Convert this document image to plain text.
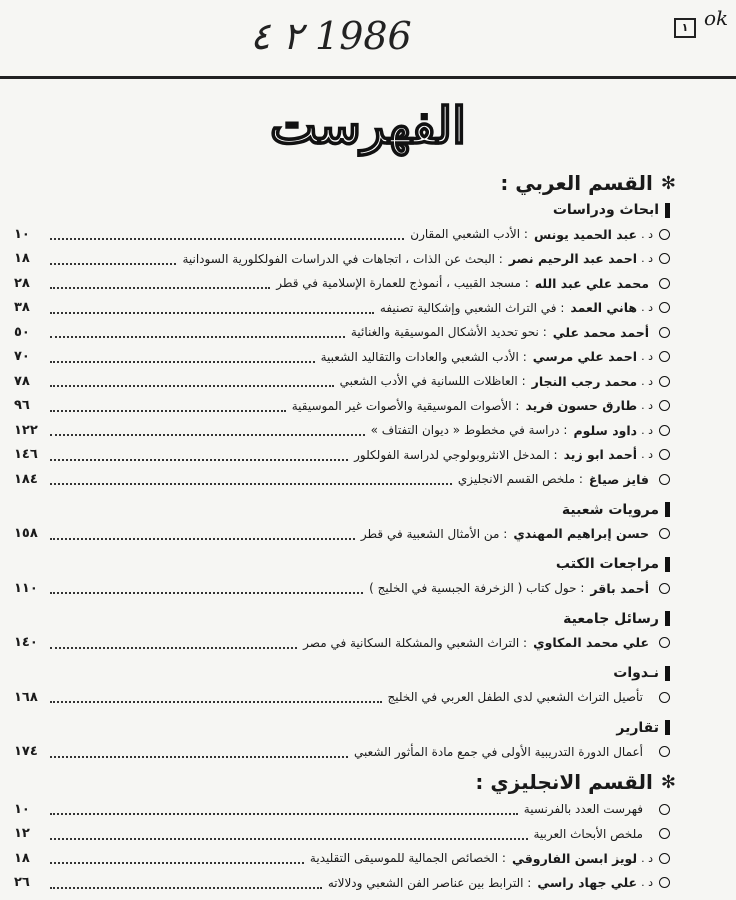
٢ ٤ 1986	١ ok
الفهرست
✻
القسم العربي :
ابحاث ودراسات
د .
عبد الحميد يونس
: الأدب الشعبي المقارن
١٠
د .
احمد عبد الرحيم نصر
: البحث عن الذات ، اتجاهات في الدراسات الفولكلورية السودانية
١٨
محمد علي عبد الله
: مسجد القبيب ، أنموذج للعمارة الإسلامية في قطر
٢٨
د .
هاني العمد
: في التراث الشعبي وإشكالية تصنيفه
٣٨
أحمد محمد علي
: نحو تحديد الأشكال الموسيقية والغنائية
٥٠
د .
احمد علي مرسي
: الأدب الشعبي والعادات والتقاليد الشعبية
٧٠
د .
محمد رجب النجار
: العاظلات اللسانية في الأدب الشعبي
٧٨
د .
طارق حسون فريد
: الأصوات الموسيقية والأصوات غير الموسيقية
٩٦
د .
داود سلوم
: دراسة في مخطوط « ديوان التفتاف »
١٢٢
د .
أحمد ابو زيد
: المدخل الانثروبولوجي لدراسة الفولكلور
١٤٦
فايز صياغ
: ملخص القسم الانجليزي
١٨٤
مرويات شعبية
حسن إبراهيم المهندي
: من الأمثال الشعبية في قطر
١٥٨
مراجعات الكتب
أحمد باقر
: حول كتاب ( الزخرفة الجبسية في الخليج )
١١٠
رسائل جامعية
علي محمد المكاوي
: التراث الشعبي والمشكلة السكانية في مصر
١٤٠
نـدوات
تأصيل التراث الشعبي لدى الطفل العربي في الخليج
١٦٨
تقارير
أعمال الدورة التدريبية الأولى في جمع مادة المأثور الشعبي
١٧٤
✻
القسم الانجليزي :
فهرست العدد بالفرنسية
١٠
ملخص الأبحاث العربية
١٢
د .
لويز ابسن الفاروقي
: الخصائص الجمالية للموسيقى التقليدية
١٨
د .
علي جهاد راسي
: الترابط بين عناصر الفن الشعبي ودلالاته
٢٦
